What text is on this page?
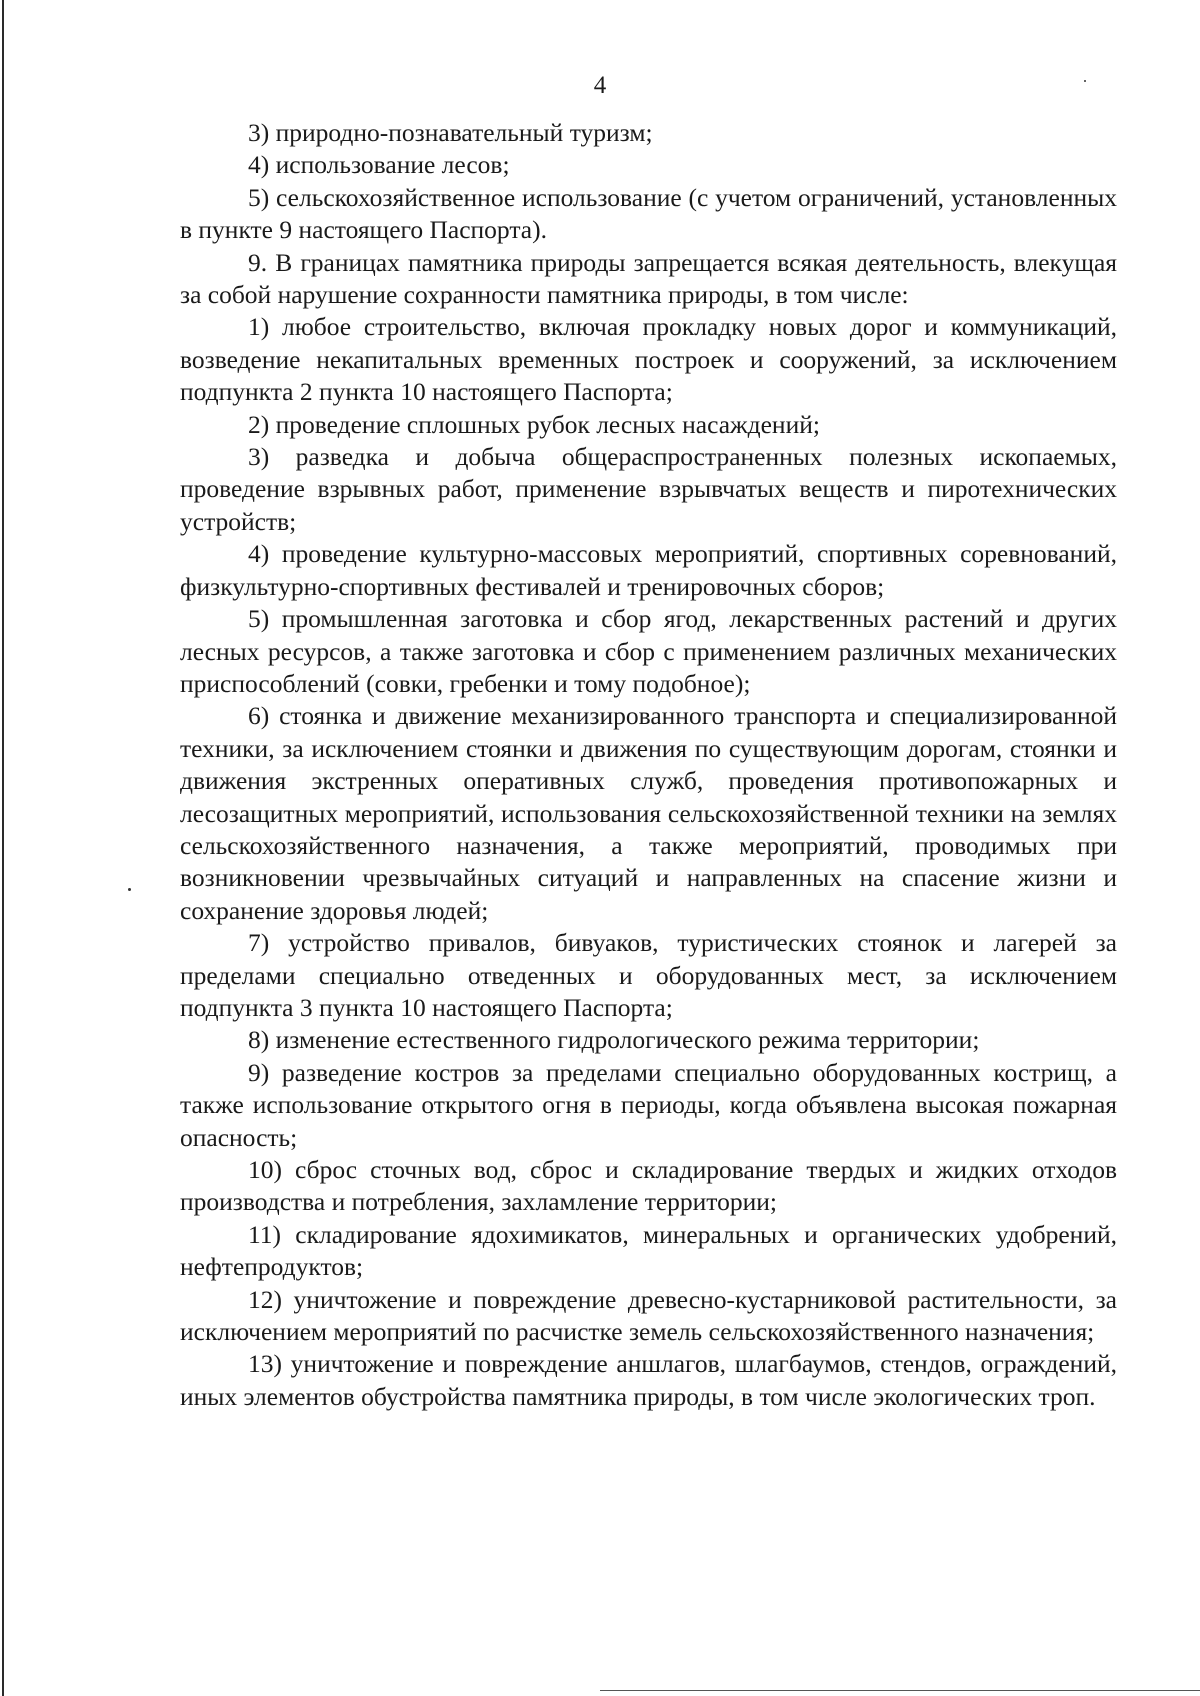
4

3) природно-познавательный туризм;

4) использование лесов;

5) сельскохозяйственное использование (с учетом ограничений, установленных в пункте 9 настоящего Паспорта).

9. В границах памятника природы запрещается всякая деятельность, влекущая за собой нарушение сохранности памятника природы, в том числе:

1) любое строительство, включая прокладку новых дорог и коммуникаций, возведение некапитальных временных построек и сооружений, за исключением подпункта 2 пункта 10 настоящего Паспорта;

2) проведение сплошных рубок лесных насаждений;

3) разведка и добыча общераспространенных полезных ископаемых, проведение взрывных работ, применение взрывчатых веществ и пиротехнических устройств;

4) проведение культурно-массовых мероприятий, спортивных соревнований, физкультурно-спортивных фестивалей и тренировочных сборов;

5) промышленная заготовка и сбор ягод, лекарственных растений и других лесных ресурсов, а также заготовка и сбор с применением различных механических приспособлений (совки, гребенки и тому подобное);

6) стоянка и движение механизированного транспорта и специализированной техники, за исключением стоянки и движения по существующим дорогам, стоянки и движения экстренных оперативных служб, проведения противопожарных и лесозащитных мероприятий, использования сельскохозяйственной техники на землях сельскохозяйственного назначения, а также мероприятий, проводимых при возникновении чрезвычайных ситуаций и направленных на спасение жизни и сохранение здоровья людей;

7) устройство привалов, бивуаков, туристических стоянок и лагерей за пределами специально отведенных и оборудованных мест, за исключением подпункта 3 пункта 10 настоящего Паспорта;

8) изменение естественного гидрологического режима территории;

9) разведение костров за пределами специально оборудованных кострищ, а также использование открытого огня в периоды, когда объявлена высокая пожарная опасность;

10) сброс сточных вод, сброс и складирование твердых и жидких отходов производства и потребления, захламление территории;

11) складирование ядохимикатов, минеральных и органических удобрений, нефтепродуктов;

12) уничтожение и повреждение древесно-кустарниковой растительности, за исключением мероприятий по расчистке земель сельскохозяйственного назначения;

13) уничтожение и повреждение аншлагов, шлагбаумов, стендов, ограждений, иных элементов обустройства памятника природы, в том числе экологических троп.
